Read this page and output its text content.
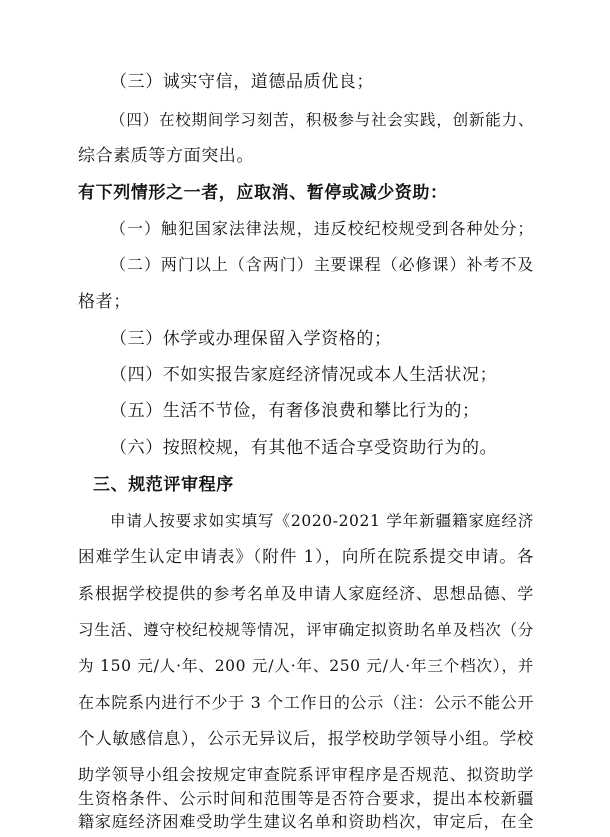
（三）诚实守信，道德品质优良；
（四）在校期间学习刻苦，积极参与社会实践，创新能力、
综合素质等方面突出。
有下列情形之一者，应取消、暂停或减少资助：
（一）触犯国家法律法规，违反校纪校规受到各种处分；
（二）两门以上（含两门）主要课程（必修课）补考不及
格者；
（三）休学或办理保留入学资格的；
（四）不如实报告家庭经济情况或本人生活状况；
（五）生活不节俭，有奢侈浪费和攀比行为的；
（六）按照校规，有其他不适合享受资助行为的。
三、规范评审程序
申请人按要求如实填写《2020-2021 学年新疆籍家庭经济
困难学生认定申请表》（附件 1），向所在院系提交申请。各
系根据学校提供的参考名单及申请人家庭经济、思想品德、学
习生活、遵守校纪校规等情况，评审确定拟资助名单及档次（分
为 150 元/人·年、200 元/人·年、250 元/人·年三个档次），并
在本院系内进行不少于 3 个工作日的公示（注：公示不能公开
个人敏感信息），公示无异议后，报学校助学领导小组。学校
助学领导小组会按规定审查院系评审程序是否规范、拟资助学
生资格条件、公示时间和范围等是否符合要求，提出本校新疆
籍家庭经济困难受助学生建议名单和资助档次，审定后，在全
